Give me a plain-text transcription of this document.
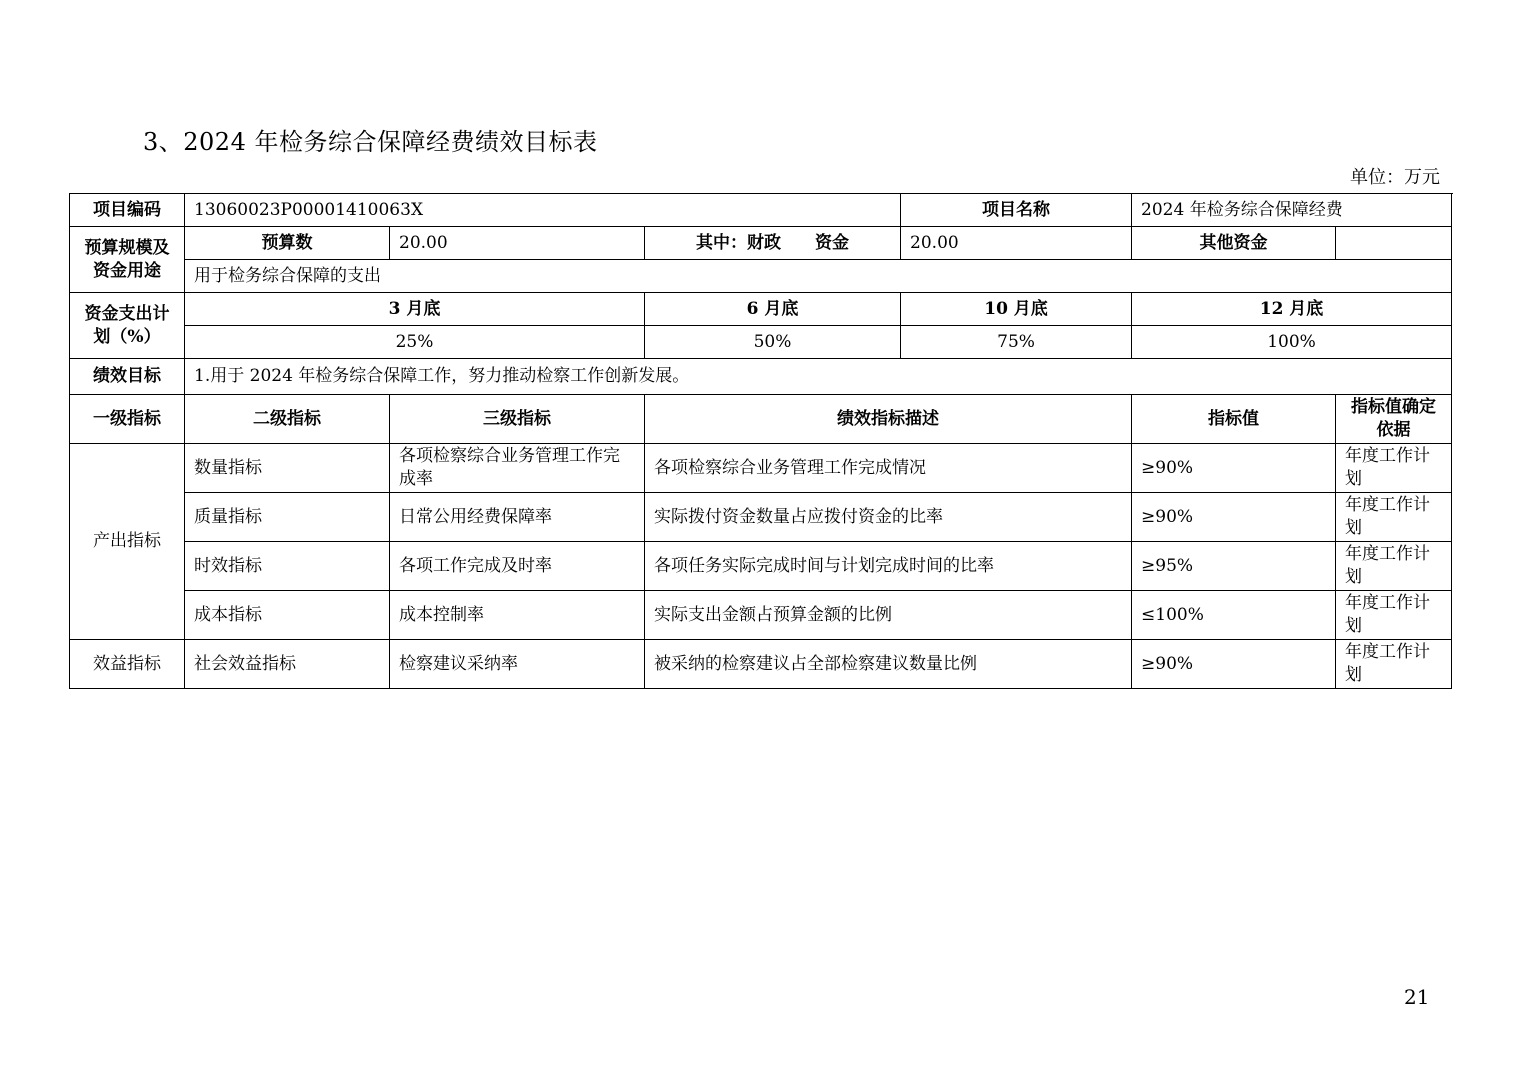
3、2024 年检务综合保障经费绩效目标表
单位：万元
项目编码	13060023P00001410063X			项目名称	2024 年检务综合保障经费	
预算规模及资金用途	预算数	20.00	其中：财政　　资金	20.00	其他资金	
	用于检务综合保障的支出					
资金支出计划（%）	3 月底		6 月底	10 月底	12 月底	
	25%		50%	75%	100%	
绩效目标	1.用于 2024 年检务综合保障工作，努力推动检察工作创新发展。					
一级指标	二级指标	三级指标	绩效指标描述		指标值	指标值确定依据
产出指标	数量指标	各项检察综合业务管理工作完成率	各项检察综合业务管理工作完成情况		≥90%	年度工作计划
	质量指标	日常公用经费保障率	实际拨付资金数量占应拨付资金的比率		≥90%	年度工作计划
	时效指标	各项工作完成及时率	各项任务实际完成时间与计划完成时间的比率		≥95%	年度工作计划
	成本指标	成本控制率	实际支出金额占预算金额的比例		≤100%	年度工作计划
效益指标	社会效益指标	检察建议采纳率	被采纳的检察建议占全部检察建议数量比例		≥90%	年度工作计划
21
